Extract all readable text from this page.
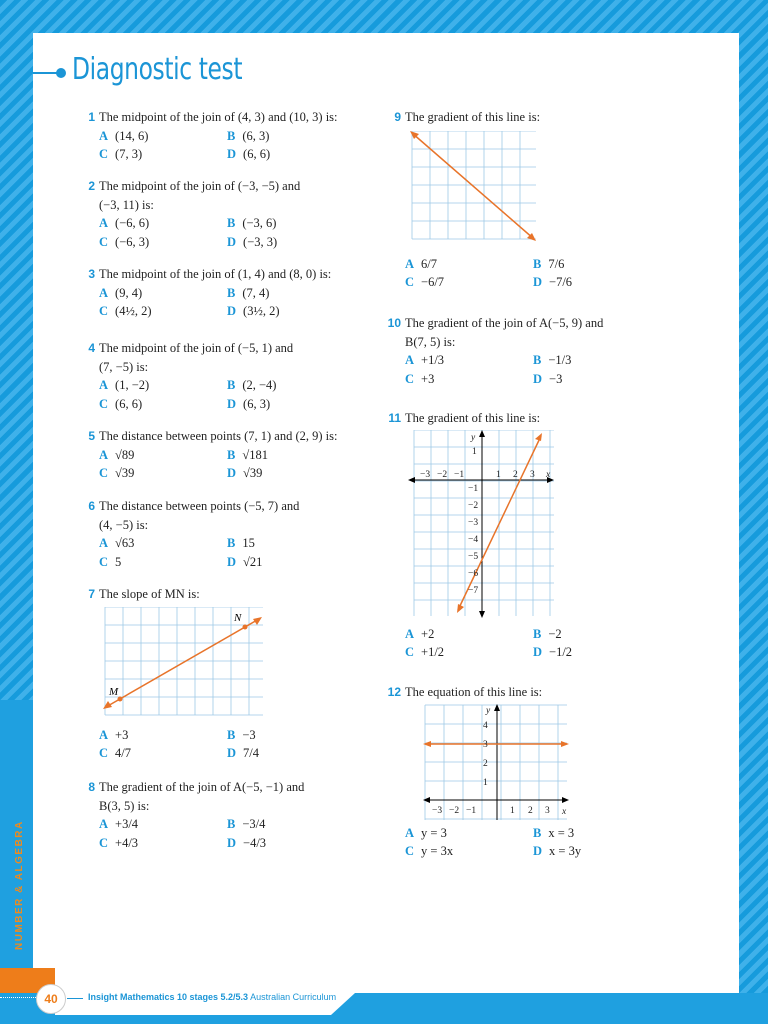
NUMBER & ALGEBRA
Diagnostic test
1 The midpoint of the join of (4, 3) and (10, 3) is:
A (14, 6)	B (6, 3)
C (7, 3)	D (6, 6)
2 The midpoint of the join of (−3, −5) and
(−3, 11) is:
A (−6, 6)	B (−3, 6)
C (−6, 3)	D (−3, 3)
3 The midpoint of the join of (1, 4) and (8, 0) is:
A (9, 4)	B (7, 4)
C (4½, 2)	D (3½, 2)
4 The midpoint of the join of (−5, 1) and
(7, −5) is:
A (1, −2)	B (2, −4)
C (6, 6)	D (6, 3)
5 The distance between points (7, 1) and (2, 9) is:
A √89	B √181
C √39	D √39
6 The distance between points (−5, 7) and
(4, −5) is:
A √63	B 15
C 5	D √21
7 The slope of MN is:
A +3	B −3
C 4/7	D 7/4
8 The gradient of the join of A(−5, −1) and
B(3, 5) is:
A +3/4	B −3/4
C +4/3	D −4/3
9 The gradient of this line is:
A 6/7	B 7/6
C −6/7	D −7/6
10 The gradient of the join of A(−5, 9) and
B(7, 5) is:
A +1/3	B −1/3
C +3	D −3
11 The gradient of this line is:
A +2	B −2
C +1/2	D −1/2
12 The equation of this line is:
A y = 3	B x = 3
C y = 3x	D x = 3y
M
N
y
x
1 2 3
−1
−2
−3
1
−1
−2
−3
−4
−5
−6
−7
y
x
4
3
2
1
1 2 3
−1
−2
−3
40	Insight Mathematics 10 stages 5.2/5.3 Australian Curriculum
